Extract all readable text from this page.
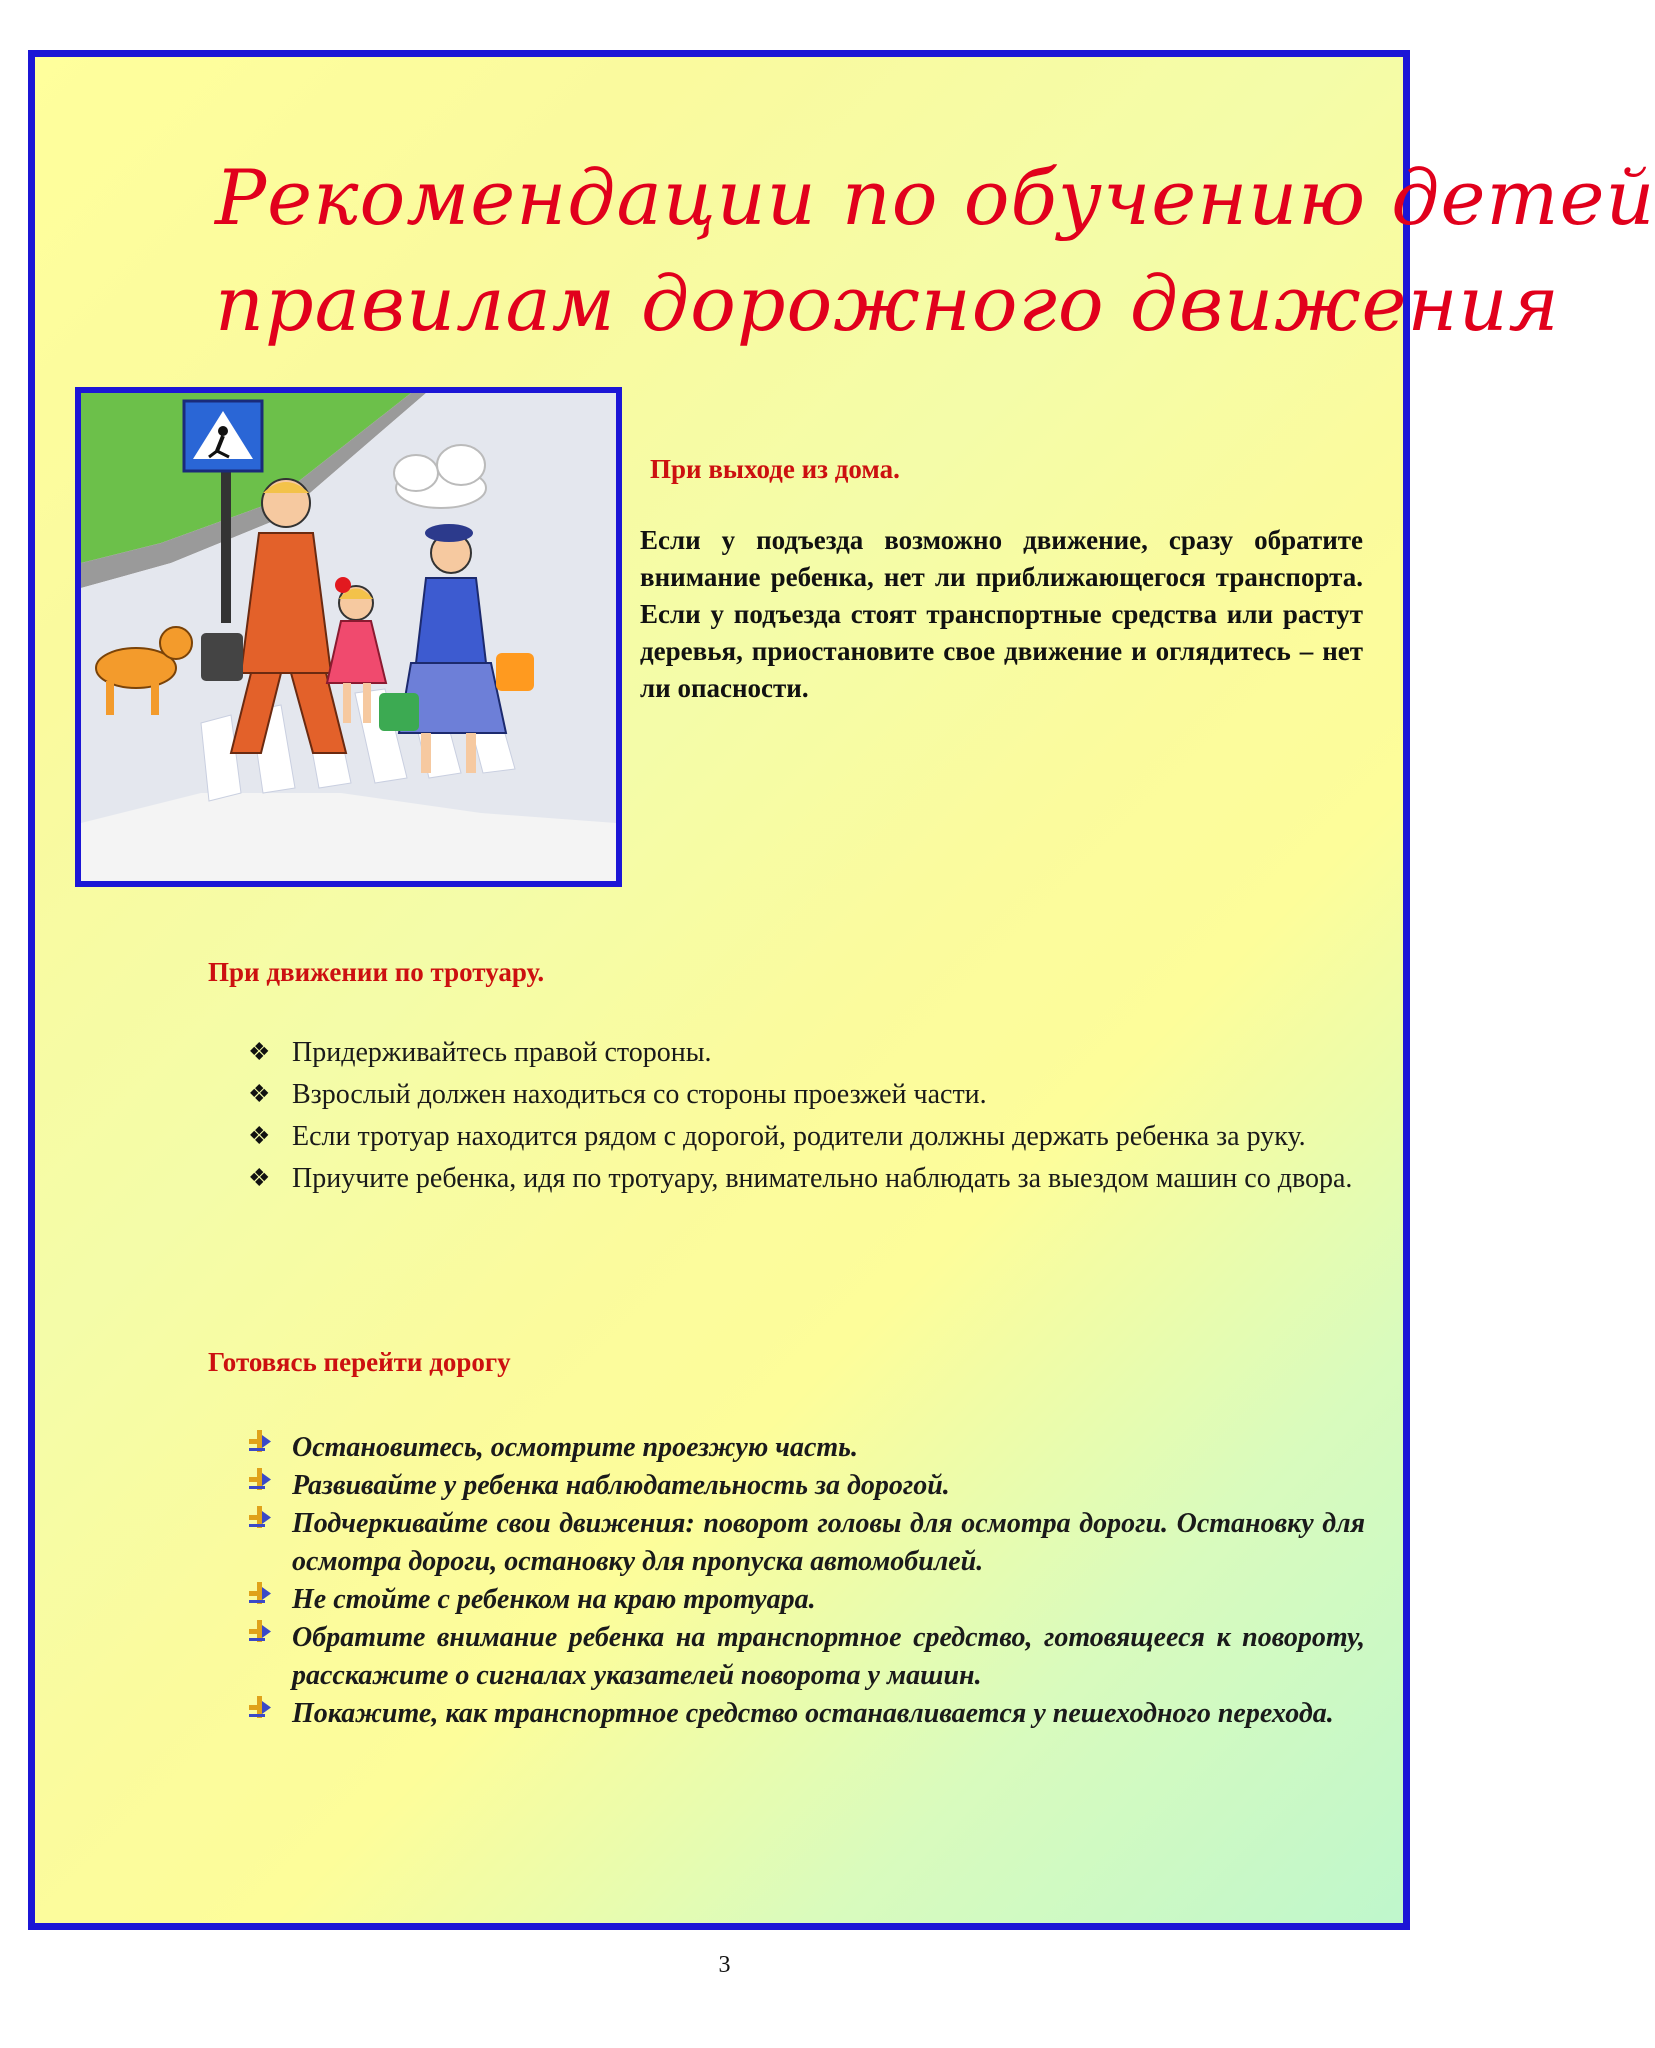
Рекомендации по обучению детей
правилам дорожного движения
При выходе из дома.

Если у подъезда возможно движение, сразу обратите внимание ребенка, нет ли приближающегося транспорта. Если у подъезда стоят транспортные средства или растут деревья, приостановите свое движение и оглядитесь – нет ли опасности.

При движении по тротуару.
❖ Придерживайтесь правой стороны.
❖ Взрослый должен находиться со стороны проезжей части.
❖ Если тротуар находится рядом с дорогой, родители должны держать ребенка за руку.
❖ Приучите ребенка, идя по тротуару, внимательно наблюдать за выездом машин со двора.
Готовясь перейти дорогу
Остановитесь, осмотрите проезжую часть.
Развивайте у ребенка наблюдательность за дорогой.
Подчеркивайте свои движения: поворот головы для осмотра дороги. Остановку для осмотра дороги, остановку для пропуска автомобилей.
Не стойте с ребенком на краю тротуара.
Обратите внимание ребенка на транспортное средство, готовящееся к повороту, расскажите о сигналах указателей поворота у машин.
Покажите, как транспортное средство останавливается у пешеходного перехода.
3
